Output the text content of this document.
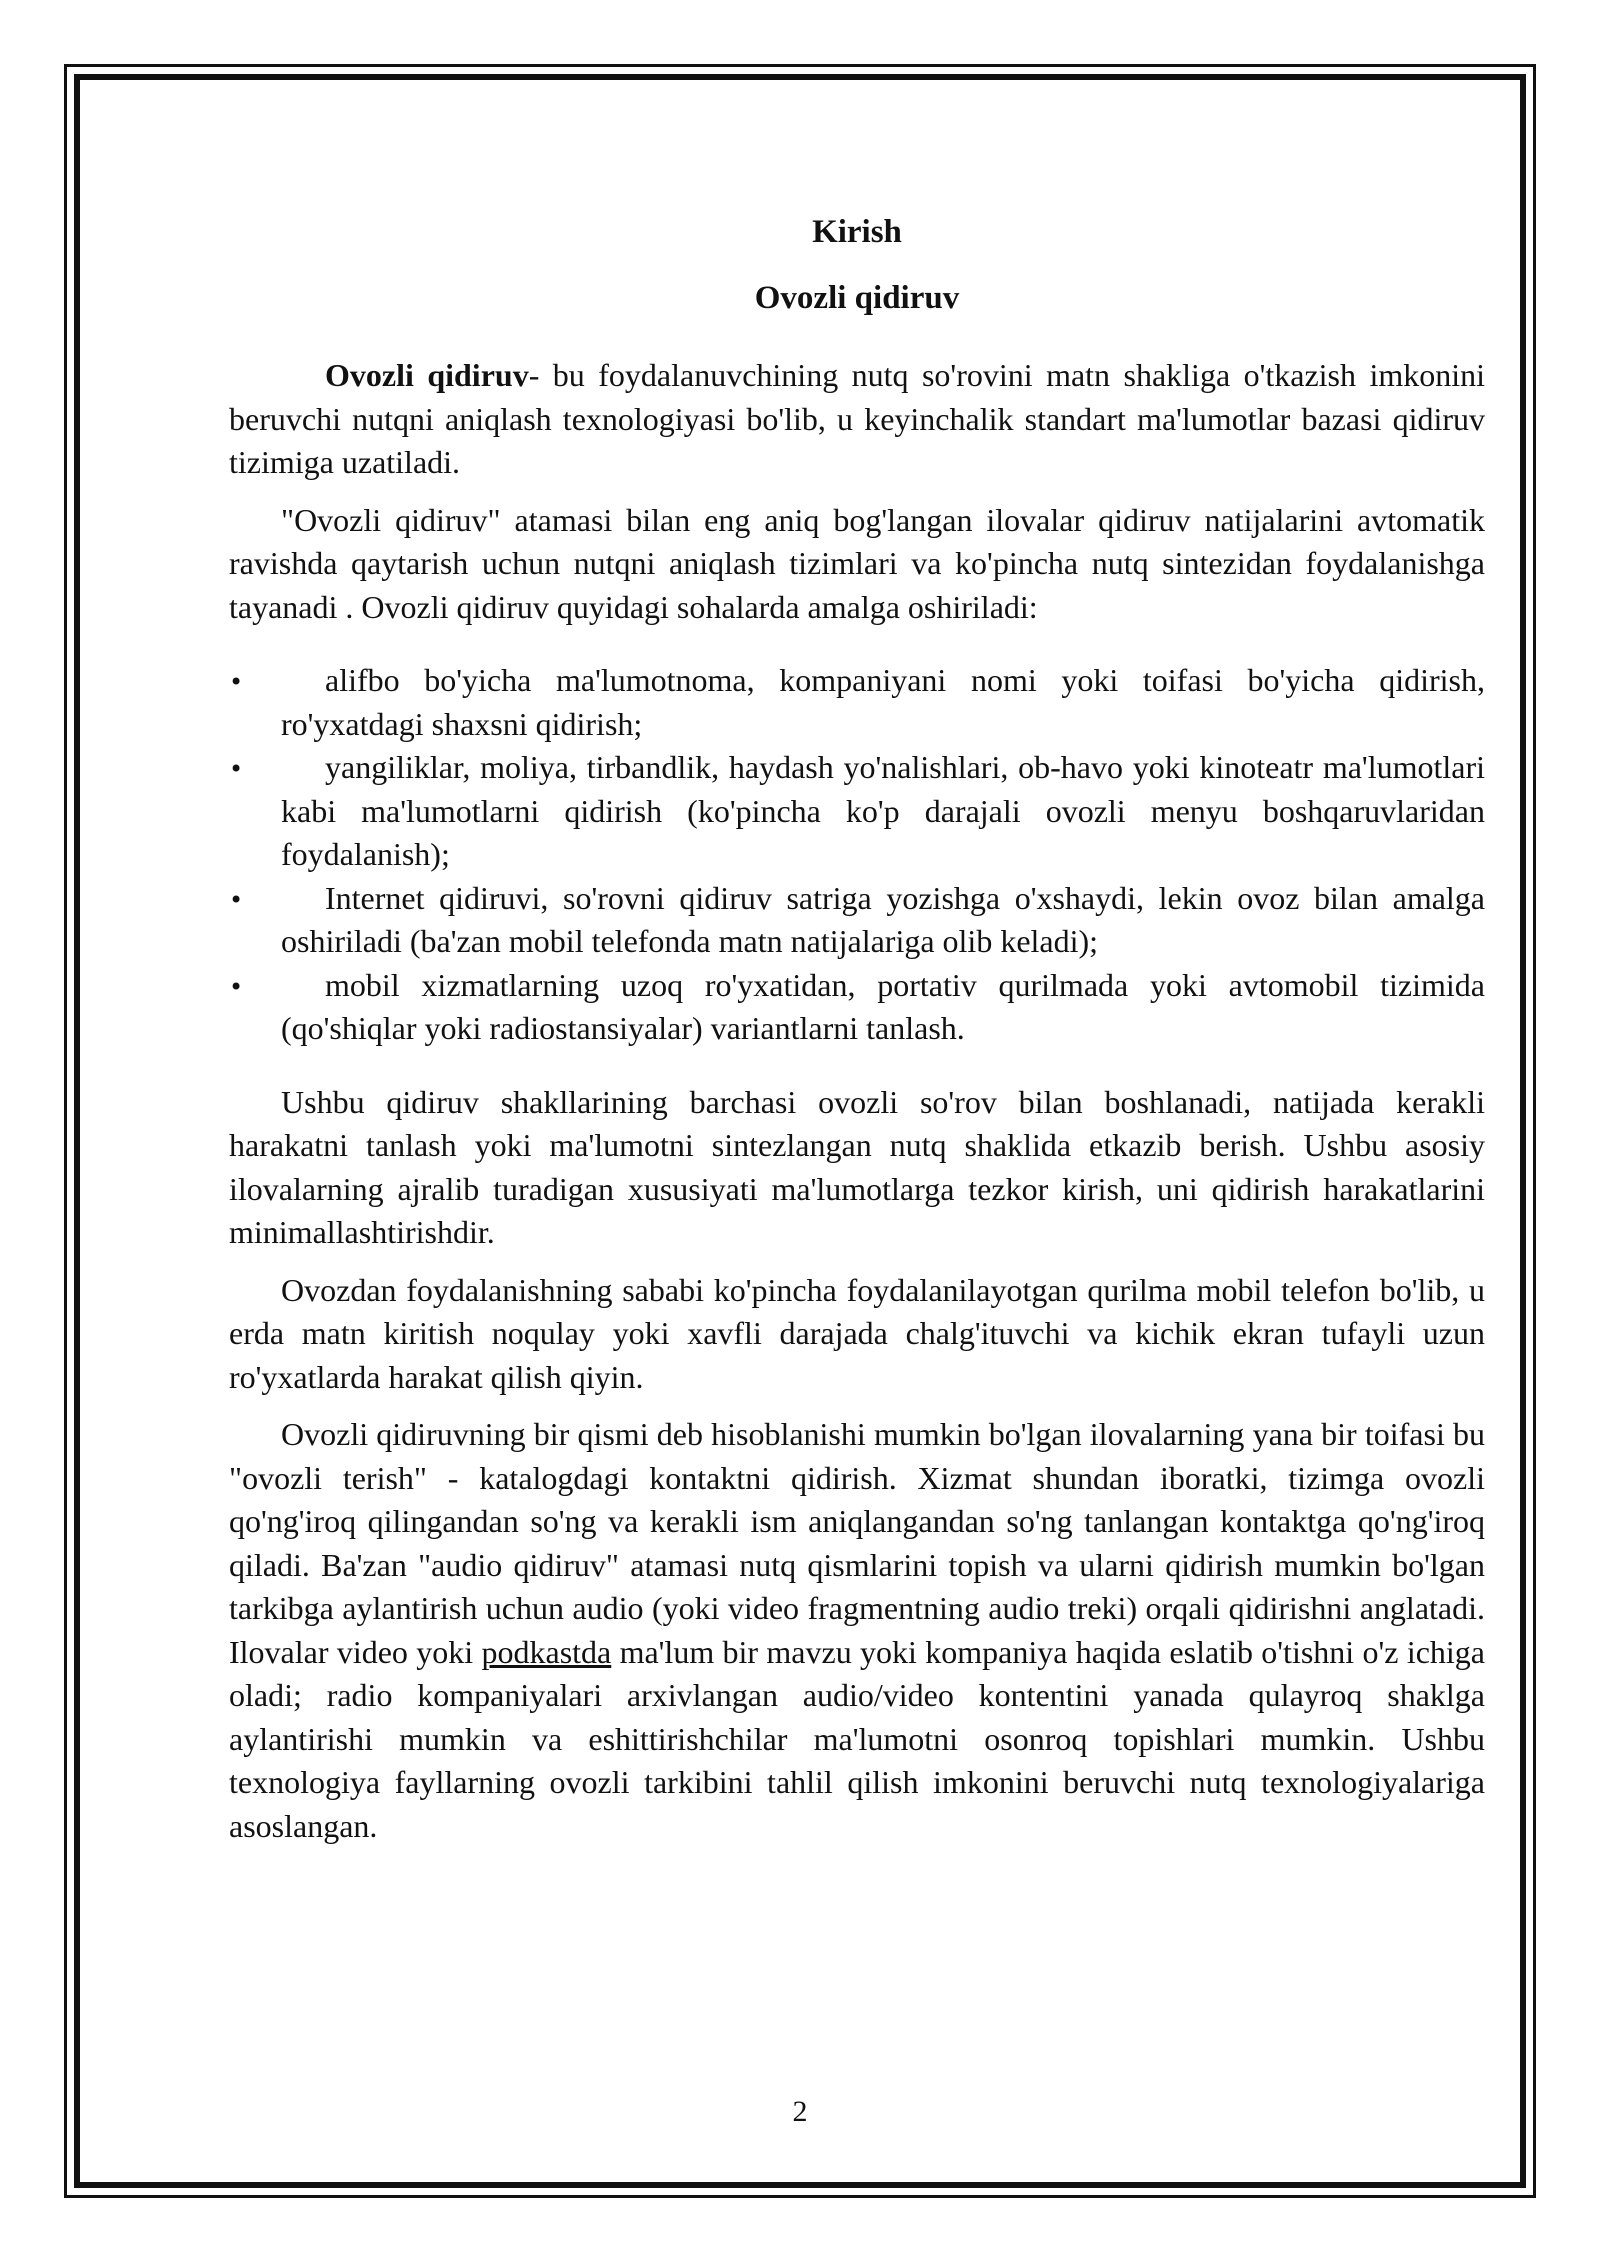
Kirish
Ovozli qidiruv

Ovozli qidiruv- bu foydalanuvchining nutq so'rovini matn shakliga o'tkazish imkonini beruvchi nutqni aniqlash texnologiyasi bo'lib, u keyinchalik standart ma'lumotlar bazasi qidiruv tizimiga uzatiladi.

"Ovozli qidiruv" atamasi bilan eng aniq bog'langan ilovalar qidiruv natijalarini avtomatik ravishda qaytarish uchun nutqni aniqlash tizimlari va ko'pincha nutq sintezidan foydalanishga tayanadi . Ovozli qidiruv quyidagi sohalarda amalga oshiriladi:

•	alifbo bo'yicha ma'lumotnoma, kompaniyani nomi yoki toifasi bo'yicha qidirish, ro'yxatdagi shaxsni qidirish;
•	yangiliklar, moliya, tirbandlik, haydash yo'nalishlari, ob-havo yoki kinoteatr ma'lumotlari kabi ma'lumotlarni qidirish (ko'pincha ko'p darajali ovozli menyu boshqaruvlaridan foydalanish);
•	Internet qidiruvi, so'rovni qidiruv satriga yozishga o'xshaydi, lekin ovoz bilan amalga oshiriladi (ba'zan mobil telefonda matn natijalariga olib keladi);
•	mobil xizmatlarning uzoq ro'yxatidan, portativ qurilmada yoki avtomobil tizimida (qo'shiqlar yoki radiostansiyalar) variantlarni tanlash.

Ushbu qidiruv shakllarining barchasi ovozli so'rov bilan boshlanadi, natijada kerakli harakatni tanlash yoki ma'lumotni sintezlangan nutq shaklida etkazib berish. Ushbu asosiy ilovalarning ajralib turadigan xususiyati ma'lumotlarga tezkor kirish, uni qidirish harakatlarini minimallashtirishdir.

Ovozdan foydalanishning sababi ko'pincha foydalanilayotgan qurilma mobil telefon bo'lib, u erda matn kiritish noqulay yoki xavfli darajada chalg'ituvchi va kichik ekran tufayli uzun ro'yxatlarda harakat qilish qiyin.

Ovozli qidiruvning bir qismi deb hisoblanishi mumkin bo'lgan ilovalarning yana bir toifasi bu "ovozli terish" - katalogdagi kontaktni qidirish. Xizmat shundan iboratki, tizimga ovozli qo'ng'iroq qilingandan so'ng va kerakli ism aniqlangandan so'ng tanlangan kontaktga qo'ng'iroq qiladi. Ba'zan "audio qidiruv" atamasi nutq qismlarini topish va ularni qidirish mumkin bo'lgan tarkibga aylantirish uchun audio (yoki video fragmentning audio treki) orqali qidirishni anglatadi. Ilovalar video yoki podkastda ma'lum bir mavzu yoki kompaniya haqida eslatib o'tishni o'z ichiga oladi; radio kompaniyalari arxivlangan audio/video kontentini yanada qulayroq shaklga aylantirishi mumkin va eshittirishchilar ma'lumotni osonroq topishlari mumkin. Ushbu texnologiya fayllarning ovozli tarkibini tahlil qilish imkonini beruvchi nutq texnologiyalariga asoslangan.

2
